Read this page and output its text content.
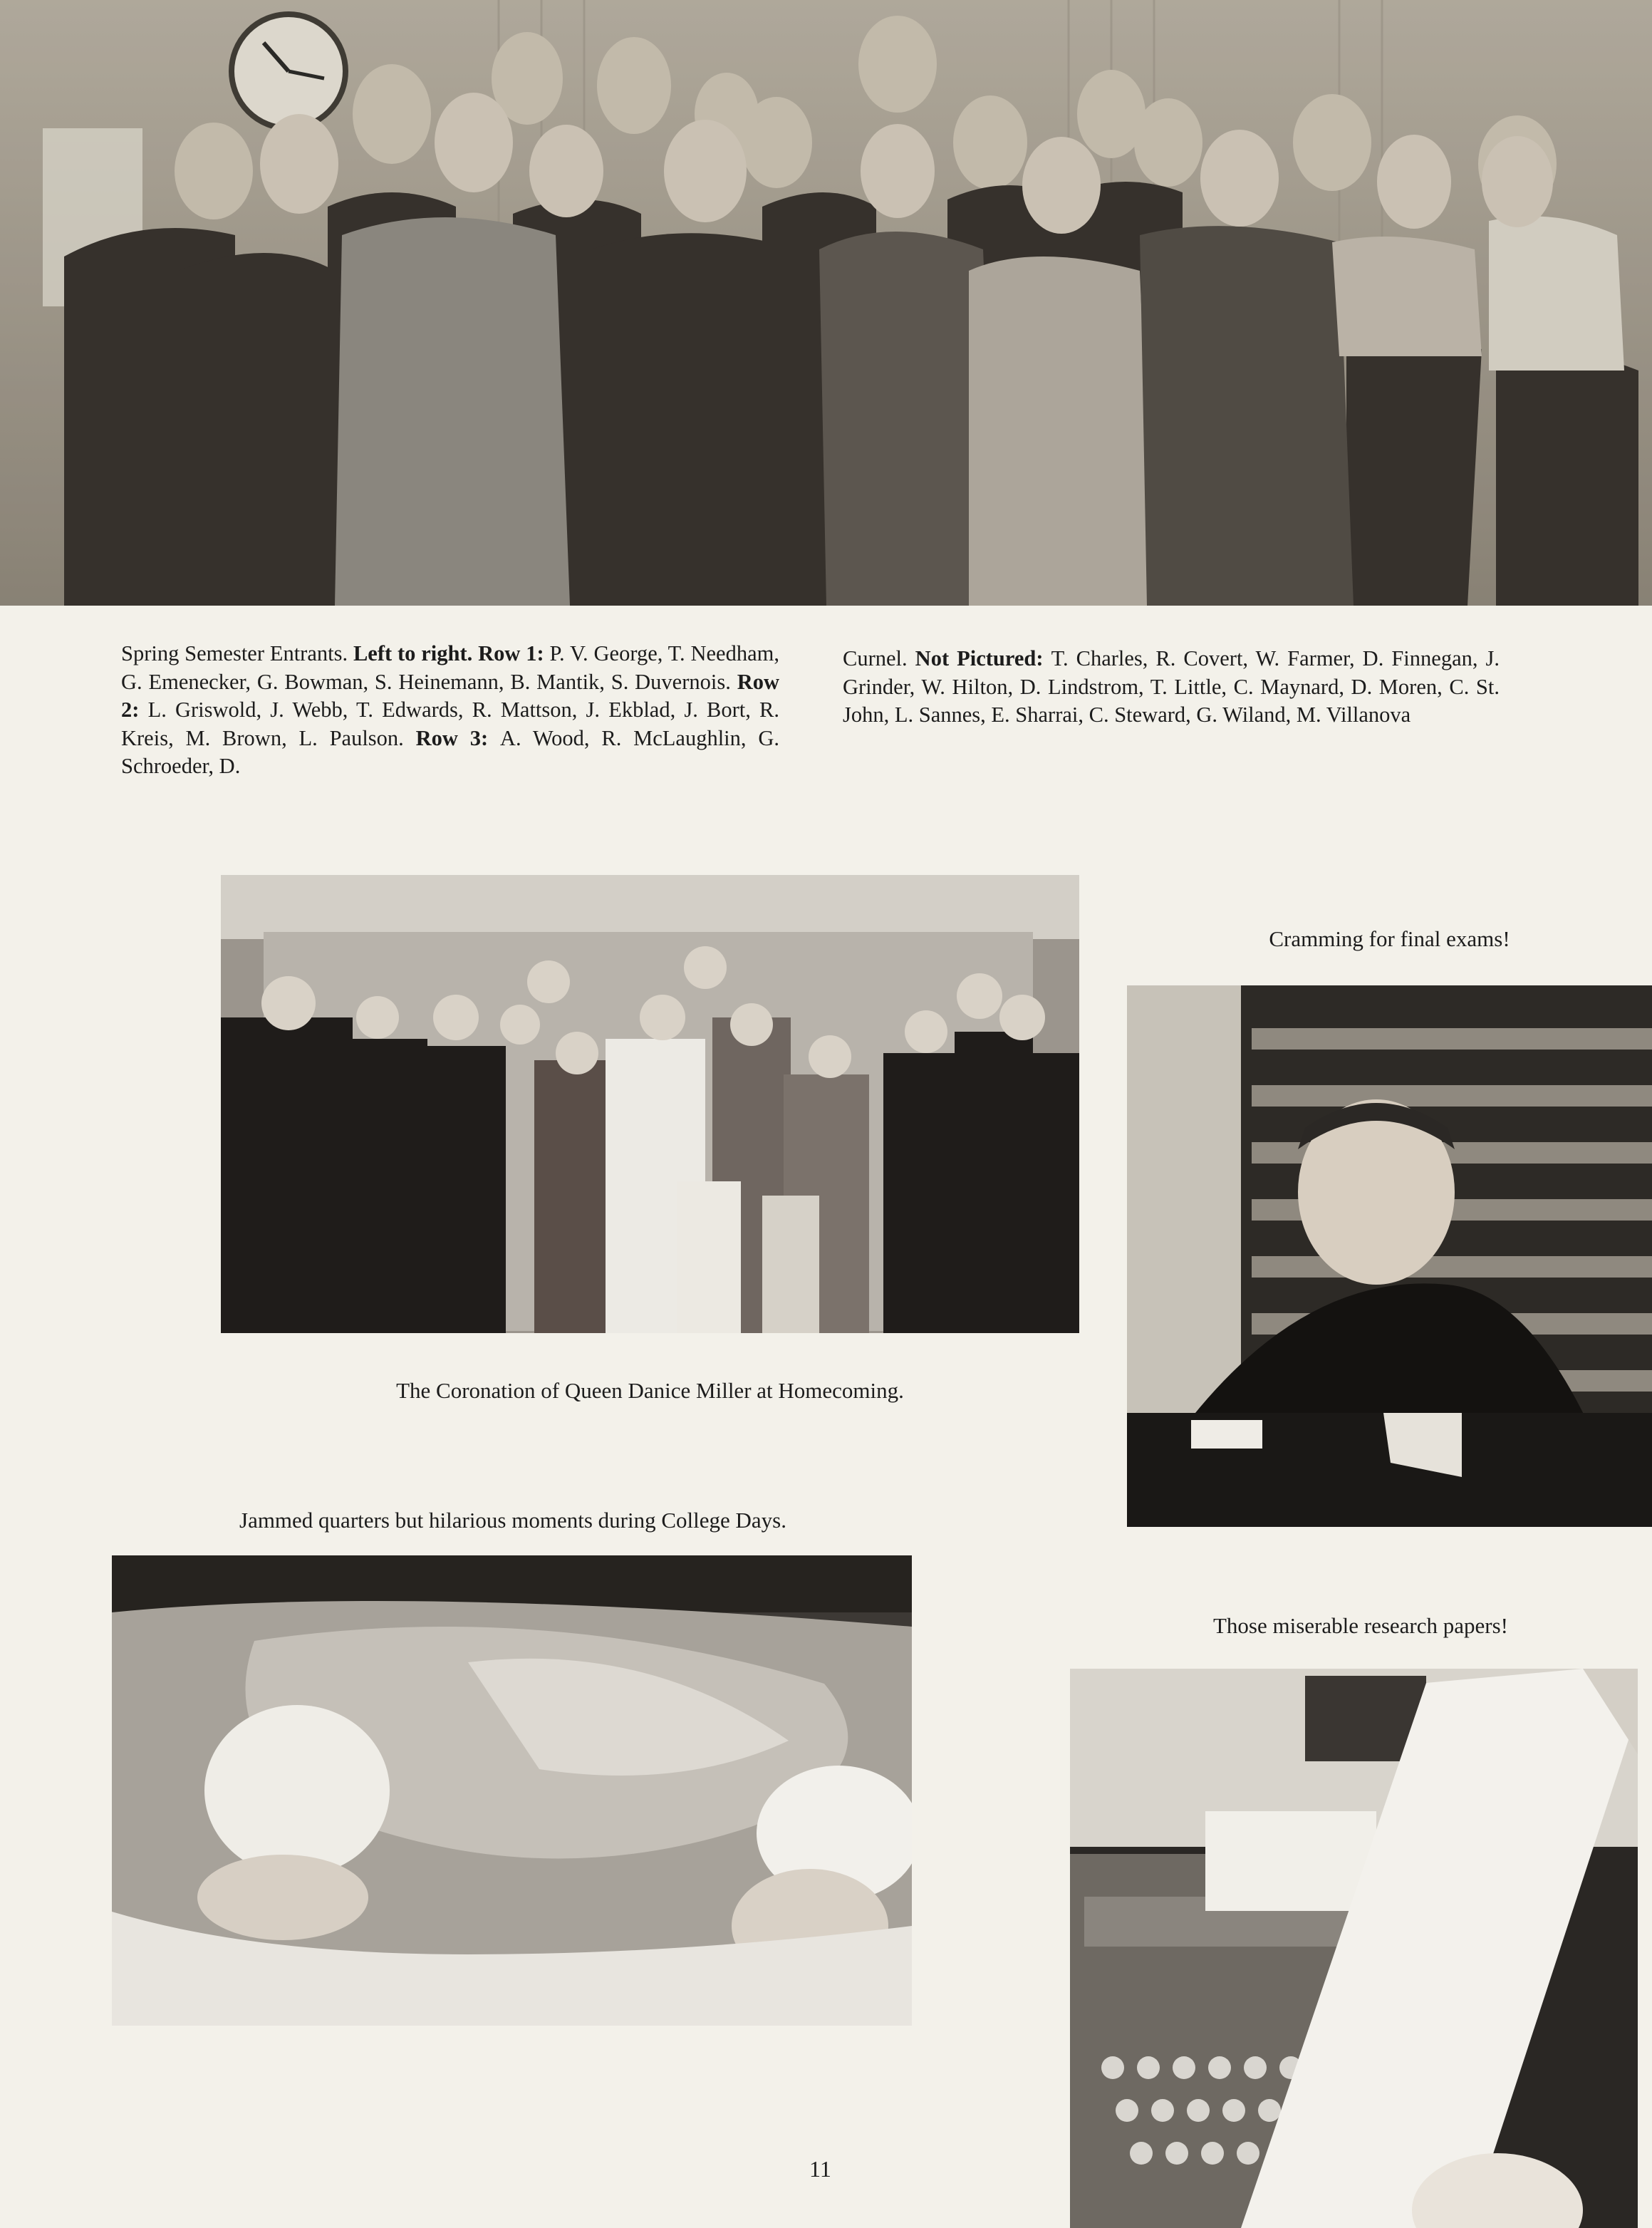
Spring Semester Entrants. Left to right. Row 1: P. V. George, T. Needham, G. Emenecker, G. Bowman, S. Heinemann, B. Mantik, S. Duvernois. Row 2: L. Griswold, J. Webb, T. Edwards, R. Mattson, J. Ekblad, J. Bort, R. Kreis, M. Brown, L. Paulson. Row 3: A. Wood, R. McLaughlin, G. Schroeder, D.
Curnel. Not Pictured: T. Charles, R. Covert, W. Farmer, D. Finnegan, J. Grinder, W. Hilton, D. Lindstrom, T. Little, C. Maynard, D. Moren, C. St. John, L. Sannes, E. Sharrai, C. Steward, G. Wiland, M. Villanova
The Coronation of Queen Danice Miller at Homecoming.
Cramming for final exams!
Jammed quarters but hilarious moments during College Days.
Those miserable research papers!
11
